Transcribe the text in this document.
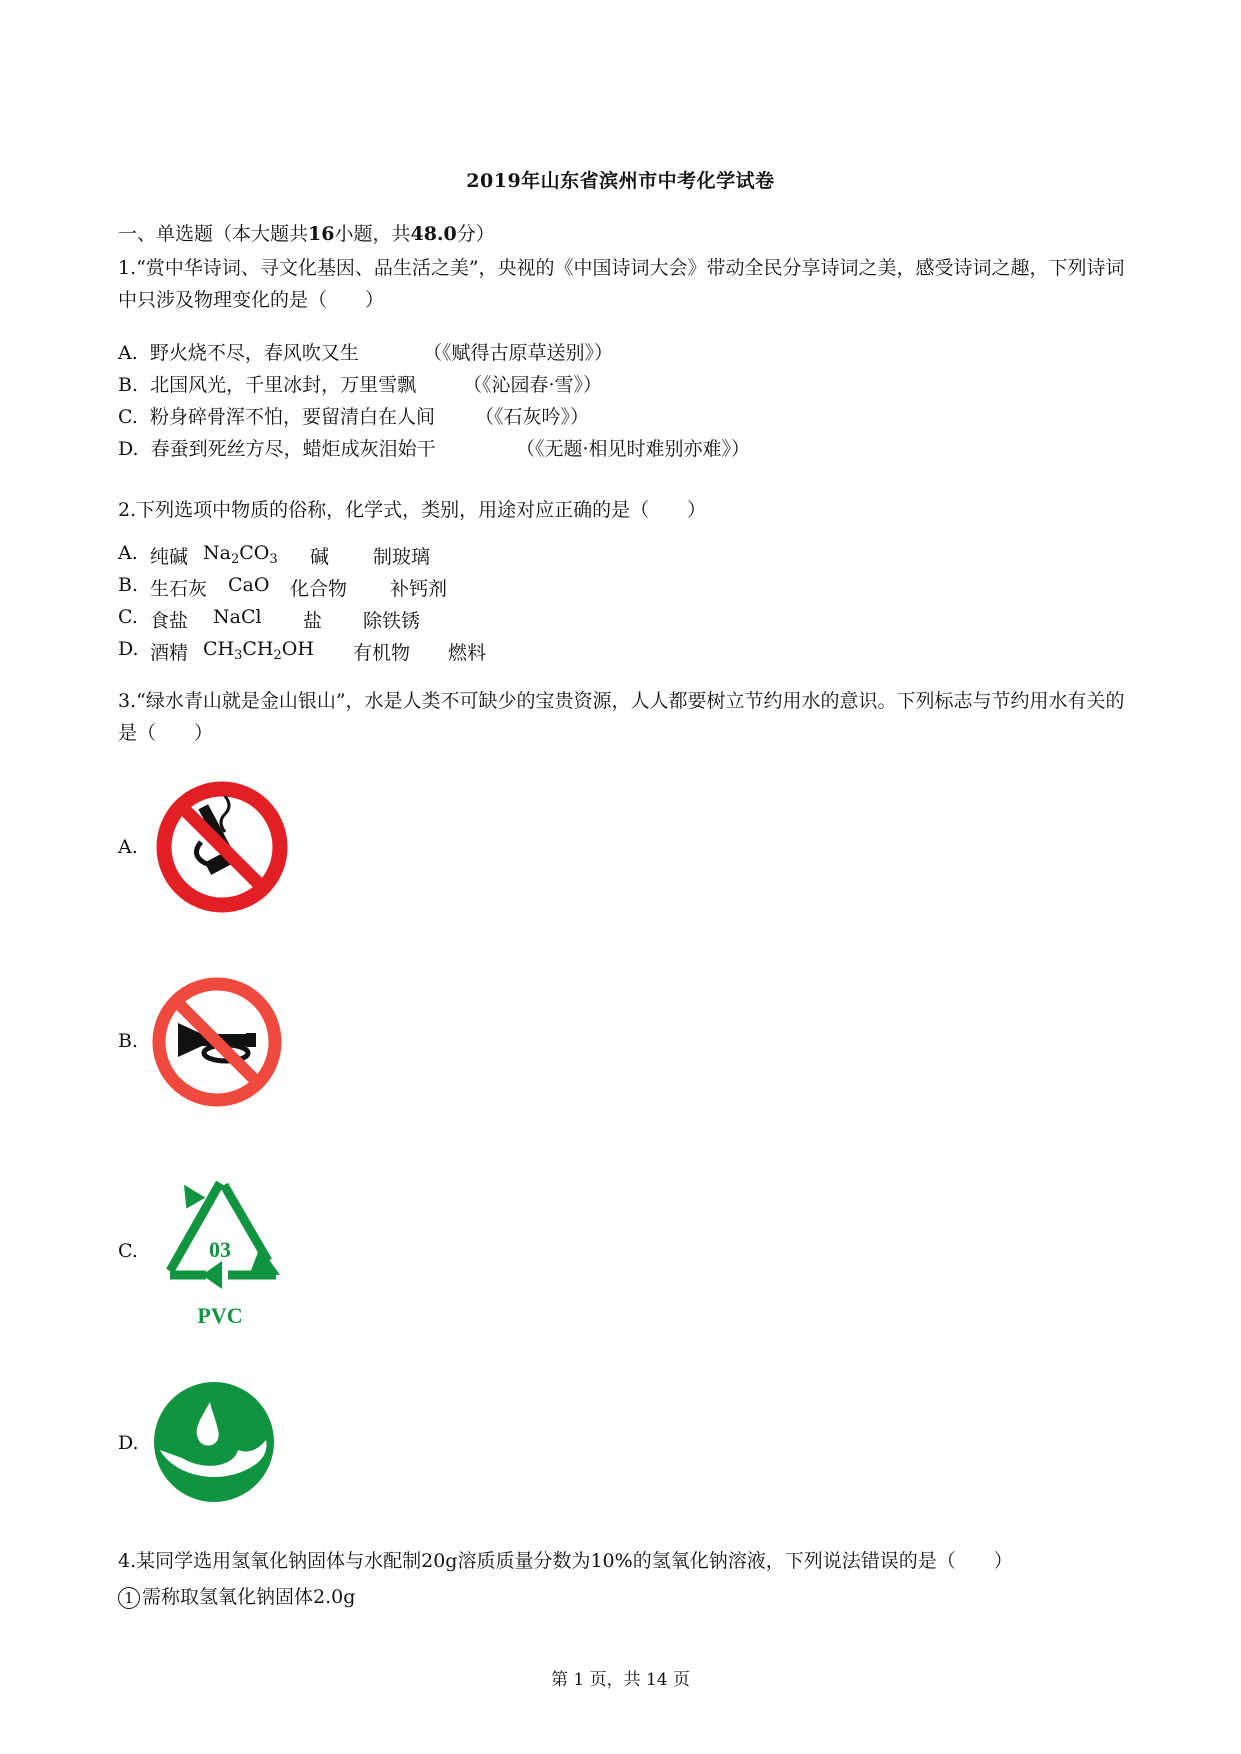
2019年山东省滨州市中考化学试卷
一、单选题（本大题共16小题，共48.0分）
1.“赏中华诗词、寻文化基因、品生活之美”，央视的《中国诗词大会》带动全民分享诗词之美，感受诗词之趣，下列诗词中只涉及物理变化的是（　　）
A.  野火烧不尽，春风吹又生	（《赋得古原草送别》）
B.  北国风光，千里冰封，万里雪飘 （《沁园春·雪》）
C.  粉身碎骨浑不怕，要留清白在人间 （《石灰吟》）
D.  春蚕到死丝方尽，蜡炬成灰泪始干	（《无题·相见时难别亦难》）
2.下列选项中物质的俗称，化学式，类别，用途对应正确的是（　　）
A. 纯碱 $Na_2CO_3$ 碱 制玻璃
B. 生石灰 CaO 化合物 补钙剂
C. 食盐 NaCl 盐 除铁锈
D. 酒精 $CH_3CH_2OH$ 有机物 燃料
3.“绿水青山就是金山银山”，水是人类不可缺少的宝贵资源，人人都要树立节约用水的意识。下列标志与节约用水有关的是（　　）
A.
B.
C.	03
PVC
D.
4.某同学选用氢氧化钠固体与水配制20g溶质质量分数为10%的氢氧化钠溶液，下列说法错误的是（　　）
1 需称取氢氧化钠固体2.0g
第 1 页，共 14 页
